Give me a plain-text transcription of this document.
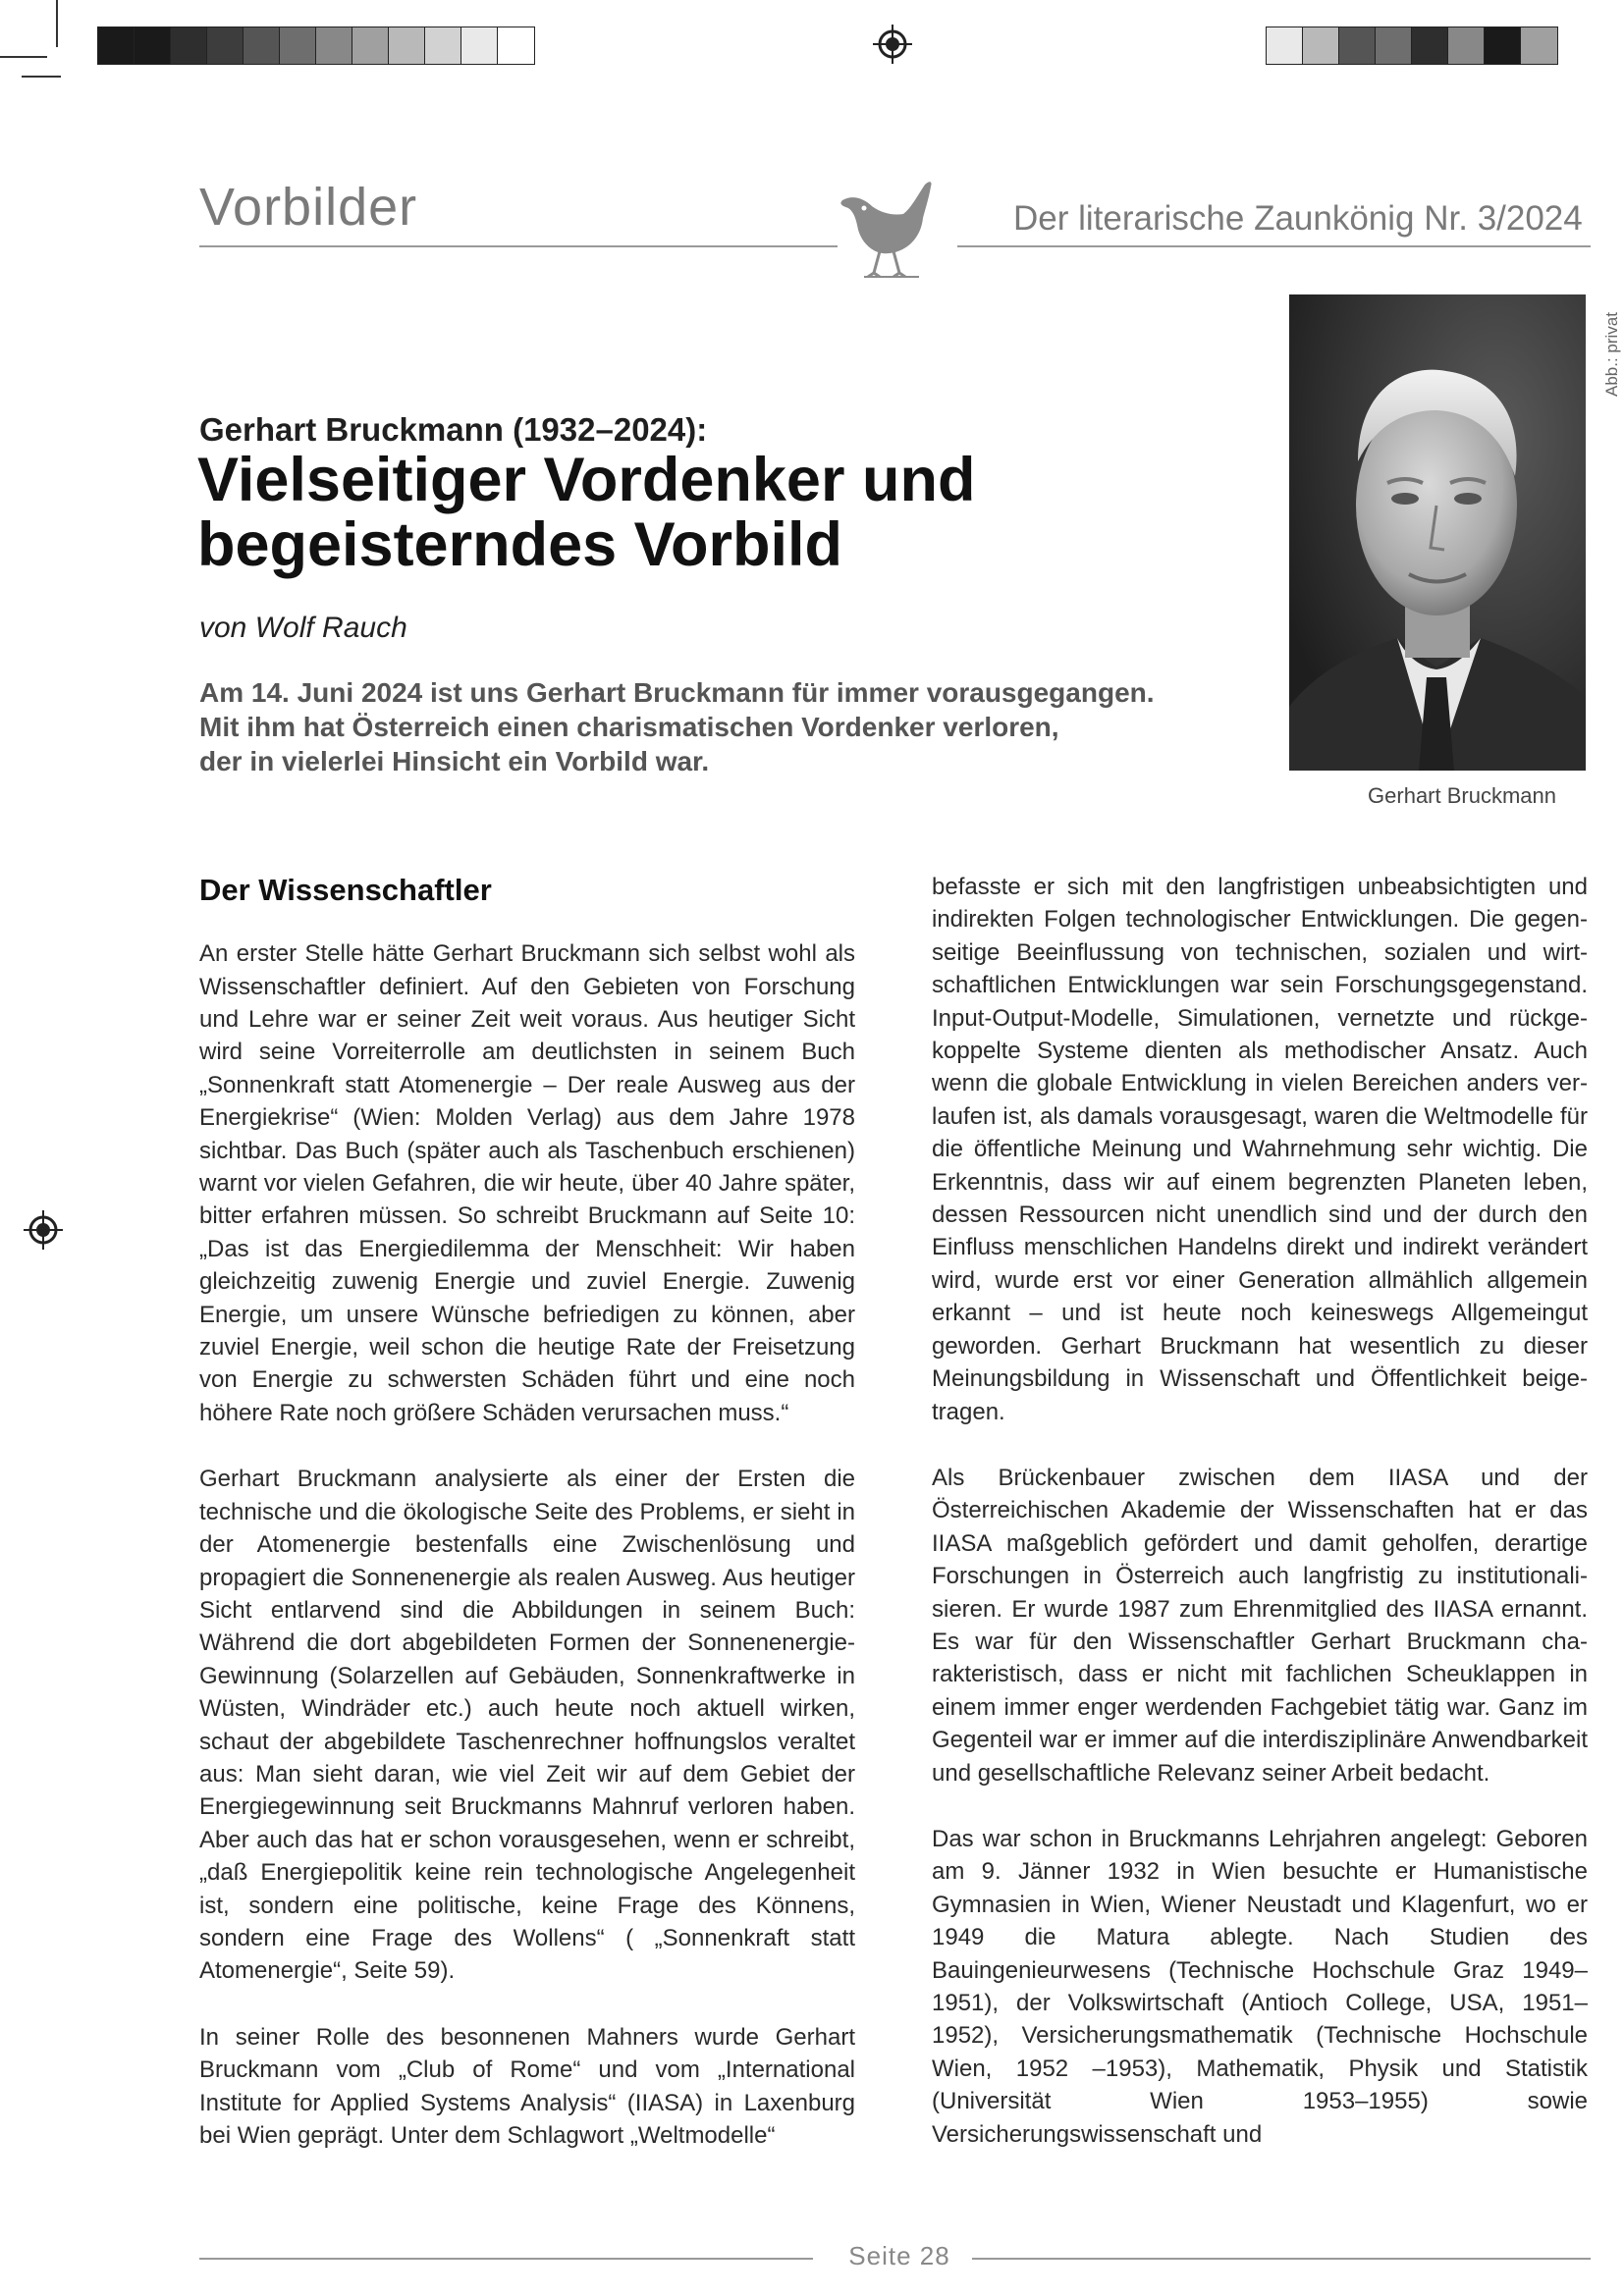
Vorbilder	Der literarische Zaunkönig Nr. 3/2024
Gerhart Bruckmann (1932–2024):
Vielseitiger Vordenker und
begeisterndes Vorbild
von Wolf Rauch

Am 14. Juni 2024 ist uns Gerhart Bruckmann für immer vorausgegangen.

Mit ihm hat Österreich einen charismatischen Vordenker verloren,

der in vielerlei Hinsicht ein Vorbild war.

Gerhart Bruckmann
Abb.: privat
Der Wissenschaftler

An erster Stelle hätte Gerhart Bruckmann sich selbst wohl als Wissenschaftler definiert. Auf den Gebieten von Forschung und Lehre war er seiner Zeit weit voraus. Aus heutiger Sicht wird seine Vorreiterrolle am deutlichsten in seinem Buch „Sonnenkraft statt Atomenergie – Der reale Ausweg aus der Energiekrise“ (Wien: Molden Verlag) aus dem Jahre 1978 sichtbar. Das Buch (später auch als Taschenbuch erschienen) warnt vor vielen Gefahren, die wir heute, über 40 Jahre später, bitter erfahren müssen. So schreibt Bruckmann auf Seite 10: „Das ist das Energiedilemma der Menschheit: Wir haben gleichzeitig zuwenig Energie und zuviel Energie. Zuwenig Energie, um unsere Wünsche befriedigen zu können, aber zuviel Energie, weil schon die heutige Rate der Freisetzung von Energie zu schwersten Schäden führt und eine noch höhere Rate noch größere Schäden verursachen muss.“

Gerhart Bruckmann analysierte als einer der Ersten die technische und die ökologische Seite des Problems, er sieht in der Atomenergie bestenfalls eine Zwischenlösung und propagiert die Sonnenenergie als realen Ausweg. Aus heutiger Sicht entlarvend sind die Abbildungen in seinem Buch: Während die dort abgebildeten Formen der Sonnenenergie-Gewinnung (Solarzellen auf Gebäuden, Sonnenkraftwerke in Wüsten, Windräder etc.) auch heute noch aktuell wirken, schaut der abgebildete Taschenrechner hoffnungslos veraltet aus: Man sieht daran, wie viel Zeit wir auf dem Gebiet der Energiegewinnung seit Bruckmanns Mahnruf verloren haben. Aber auch das hat er schon vorausgesehen, wenn er schreibt, „daß Energiepolitik keine rein technologische Angelegenheit ist, sondern eine politische, keine Frage des Könnens, sondern eine Frage des Wollens“ ( „Sonnenkraft statt Atomenergie“, Seite 59).

In seiner Rolle des besonnenen Mahners wurde Gerhart Bruckmann vom „Club of Rome“ und vom „International Institute for Applied Systems Analysis“ (IIASA) in Laxenburg bei Wien geprägt. Unter dem Schlagwort „Weltmodelle“

befasste er sich mit den langfristigen unbeabsichtigten und indirekten Folgen technologischer Entwicklungen. Die gegenseitige Beeinflussung von technischen, sozialen und wirtschaftlichen Entwicklungen war sein Forschungsgegenstand. Input-Output-Modelle, Simulationen, vernetzte und rückgekoppelte Systeme dienten als methodischer Ansatz. Auch wenn die globale Entwicklung in vielen Bereichen anders verlaufen ist, als damals vorausgesagt, waren die Weltmodelle für die öffentliche Meinung und Wahrnehmung sehr wichtig. Die Erkenntnis, dass wir auf einem begrenzten Planeten leben, dessen Ressourcen nicht unendlich sind und der durch den Einfluss menschlichen Handelns direkt und indirekt verändert wird, wurde erst vor einer Generation allmählich allgemein erkannt – und ist heute noch keineswegs Allgemeingut geworden. Gerhart Bruckmann hat wesentlich zu dieser Meinungsbildung in Wissenschaft und Öffentlichkeit beigetragen.

Als Brückenbauer zwischen dem IIASA und der Österreichischen Akademie der Wissenschaften hat er das IIASA maßgeblich gefördert und damit geholfen, derartige Forschungen in Österreich auch langfristig zu institutionalisieren. Er wurde 1987 zum Ehrenmitglied des IIASA ernannt. Es war für den Wissenschaftler Gerhart Bruckmann charakteristisch, dass er nicht mit fachlichen Scheuklappen in einem immer enger werdenden Fachgebiet tätig war. Ganz im Gegenteil war er immer auf die interdisziplinäre Anwendbarkeit und gesellschaftliche Relevanz seiner Arbeit bedacht.

Das war schon in Bruckmanns Lehrjahren angelegt: Geboren am 9. Jänner 1932 in Wien besuchte er Humanistische Gymnasien in Wien, Wiener Neustadt und Klagenfurt, wo er 1949 die Matura ablegte. Nach Studien des Bauingenieurwesens (Technische Hochschule Graz 1949–1951), der Volkswirtschaft (Antioch College, USA, 1951–1952), Versicherungsmathematik (Technische Hochschule Wien, 1952 –1953), Mathematik, Physik und Statistik (Universität Wien 1953–1955) sowie Versicherungswissenschaft und

Seite 28
